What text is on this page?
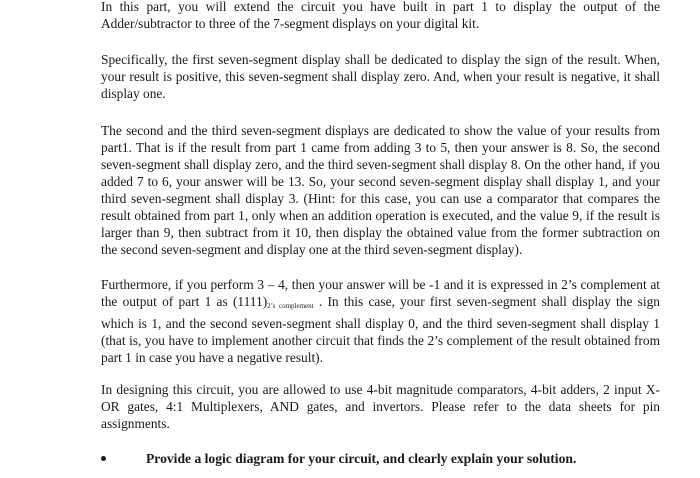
In this part, you will extend the circuit you have built in part 1 to display the output of the Adder/subtractor to three of the 7-segment displays on your digital kit.

Specifically, the first seven-segment display shall be dedicated to display the sign of the result. When, your result is positive, this seven-segment shall display zero. And, when your result is negative, it shall display one.

The second and the third seven-segment displays are dedicated to show the value of your results from part1. That is if the result from part 1 came from adding 3 to 5, then your answer is 8. So, the second seven-segment shall display zero, and the third seven-segment shall display 8. On the other hand, if you added 7 to 6, your answer will be 13. So, your second seven-segment display shall display 1, and your third seven-segment shall display 3. (Hint: for this case, you can use a comparator that compares the result obtained from part 1, only when an addition operation is executed, and the value 9, if the result is larger than 9, then subtract from it 10, then display the obtained value from the former subtraction on the second seven-segment and display one at the third seven-segment display).

Furthermore, if you perform 3 – 4, then your answer will be -1 and it is expressed in 2’s complement at the output of part 1 as (1111)2’s complement . In this case, your first seven-segment shall display the sign which is 1, and the second seven-segment shall display 0, and the third seven-segment shall display 1 (that is, you have to implement another circuit that finds the 2’s complement of the result obtained from part 1 in case you have a negative result).

In designing this circuit, you are allowed to use 4-bit magnitude comparators, 4-bit adders, 2 input X-OR gates, 4:1 Multiplexers, AND gates, and invertors. Please refer to the data sheets for pin assignments.

Provide a logic diagram for your circuit, and clearly explain your solution.
